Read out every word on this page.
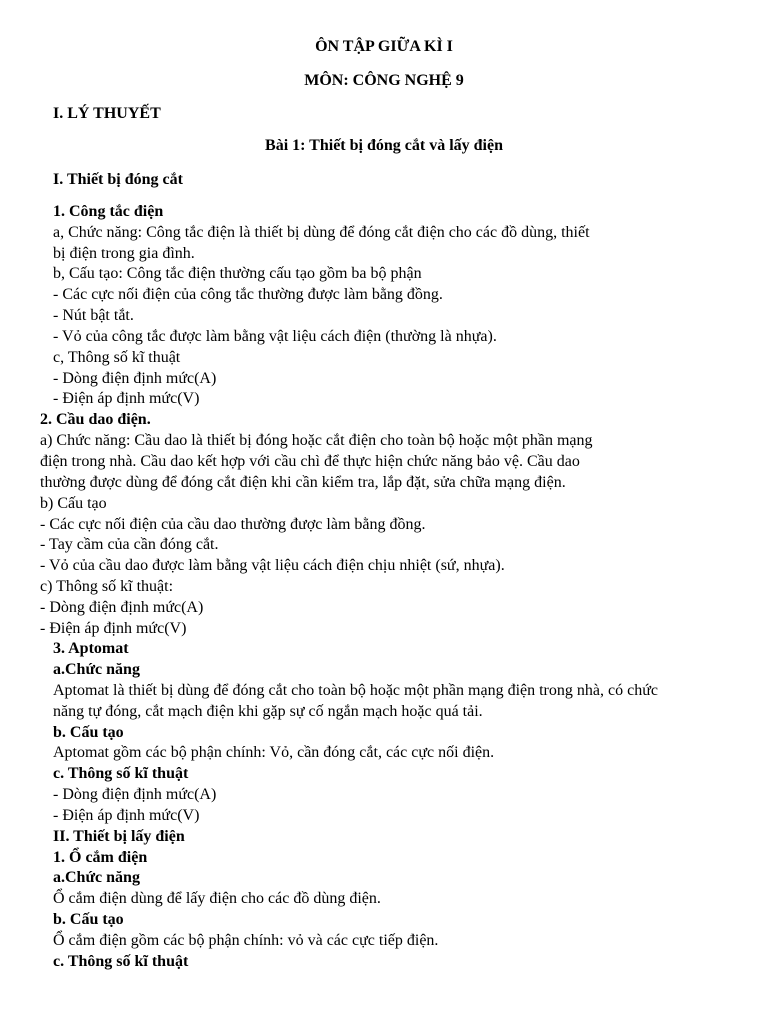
ÔN TẬP GIỮA KÌ I

MÔN: CÔNG NGHỆ 9

I. LÝ THUYẾT

Bài 1: Thiết bị đóng cắt và lấy điện

I. Thiết bị đóng cắt

1. Công tắc điện

a, Chức năng: Công tắc điện là thiết bị dùng để đóng cắt điện cho các đồ dùng, thiết

bị điện trong gia đình.

b, Cấu tạo: Công tắc điện thường cấu tạo gồm ba bộ phận

- Các cực nối điện của công tắc thường được làm bằng đồng.

- Nút bật tắt.

- Vỏ của công tắc được làm bằng vật liệu cách điện (thường là nhựa).

c, Thông số kĩ thuật

- Dòng điện định mức(A)

- Điện áp định mức(V)

2. Cầu dao điện.

a) Chức năng: Cầu dao là thiết bị đóng hoặc cắt điện cho toàn bộ hoặc một phần mạng

điện trong nhà. Cầu dao kết hợp với cầu chì để thực hiện chức năng bảo vệ. Cầu dao

thường được dùng để đóng cắt điện khi cần kiểm tra, lắp đặt, sửa chữa mạng điện.

b) Cấu tạo

- Các cực nối điện của cầu dao thường được làm bằng đồng.

- Tay cầm của cần đóng cắt.

- Vỏ của cầu dao được làm bằng vật liệu cách điện chịu nhiệt (sứ, nhựa).

c) Thông số kĩ thuật:

- Dòng điện định mức(A)

- Điện áp định mức(V)

3. Aptomat

a.Chức năng

Aptomat là thiết bị dùng để đóng cắt cho toàn bộ hoặc một phần mạng điện trong nhà, có chức

năng tự đóng, cắt mạch điện khi gặp sự cố ngắn mạch hoặc quá tải.

b. Cấu tạo

Aptomat gồm các bộ phận chính: Vỏ, cần đóng cắt, các cực nối điện.

c. Thông số kĩ thuật

- Dòng điện định mức(A)

- Điện áp định mức(V)

II. Thiết bị lấy điện

1. Ổ cắm điện

a.Chức năng

Ổ cắm điện dùng để lấy điện cho các đồ dùng điện.

b. Cấu tạo

Ổ cắm điện gồm các bộ phận chính: vỏ và các cực tiếp điện.

c. Thông số kĩ thuật
